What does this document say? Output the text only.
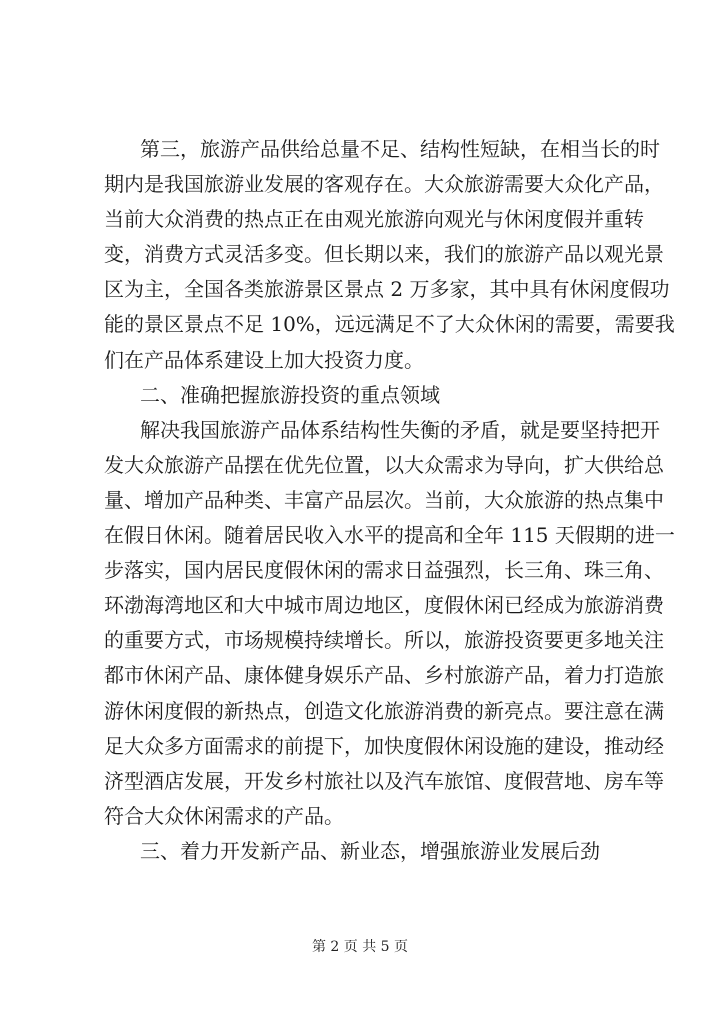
第三，旅游产品供给总量不足、结构性短缺，在相当长的时
期内是我国旅游业发展的客观存在。大众旅游需要大众化产品，
当前大众消费的热点正在由观光旅游向观光与休闲度假并重转
变，消费方式灵活多变。但长期以来，我们的旅游产品以观光景
区为主，全国各类旅游景区景点 2 万多家，其中具有休闲度假功
能的景区景点不足 10%，远远满足不了大众休闲的需要，需要我
们在产品体系建设上加大投资力度。
二、准确把握旅游投资的重点领域
解决我国旅游产品体系结构性失衡的矛盾，就是要坚持把开
发大众旅游产品摆在优先位置，以大众需求为导向，扩大供给总
量、增加产品种类、丰富产品层次。当前，大众旅游的热点集中
在假日休闲。随着居民收入水平的提高和全年 115 天假期的进一
步落实，国内居民度假休闲的需求日益强烈，长三角、珠三角、
环渤海湾地区和大中城市周边地区，度假休闲已经成为旅游消费
的重要方式，市场规模持续增长。所以，旅游投资要更多地关注
都市休闲产品、康体健身娱乐产品、乡村旅游产品，着力打造旅
游休闲度假的新热点，创造文化旅游消费的新亮点。要注意在满
足大众多方面需求的前提下，加快度假休闲设施的建设，推动经
济型酒店发展，开发乡村旅社以及汽车旅馆、度假营地、房车等
符合大众休闲需求的产品。
三、着力开发新产品、新业态，增强旅游业发展后劲
第 2 页 共 5 页
